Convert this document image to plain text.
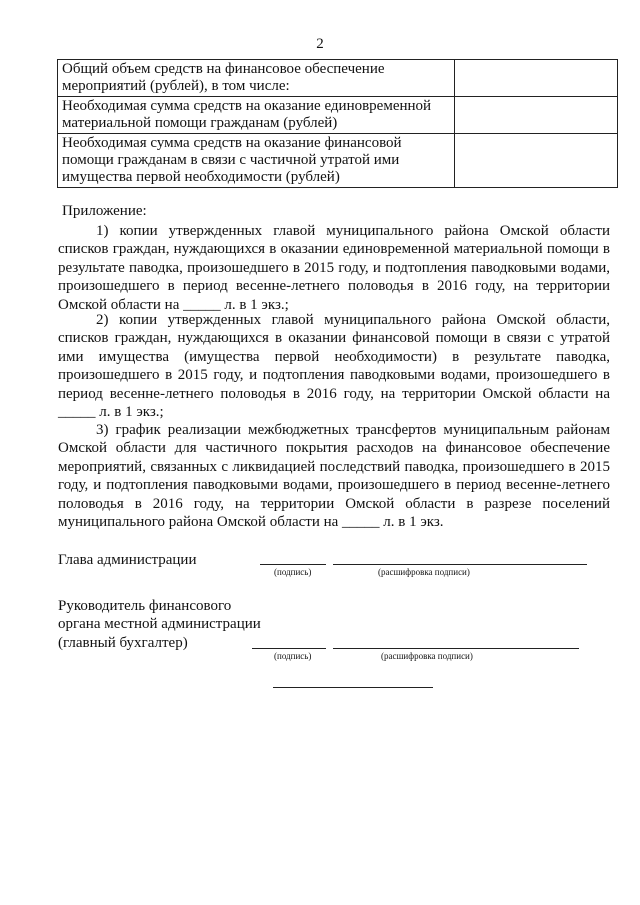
2
Общий объем средств на финансовое обеспечение мероприятий (рублей), в том числе:	
Необходимая сумма средств на оказание единовременной материальной помощи гражданам (рублей)	
Необходимая сумма средств на оказание финансовой помощи гражданам в связи с частичной утратой ими имущества первой необходимости (рублей)	
Приложение:

1) копии утвержденных главой муниципального района Омской области списков граждан, нуждающихся в оказании единовременной материальной помощи в результате паводка, произошедшего в 2015 году, и подтопления паводковыми водами, произошедшего в период весенне-летнего половодья в 2016 году, на территории Омской области на _____ л. в 1 экз.;

2) копии утвержденных главой муниципального района Омской области, списков граждан, нуждающихся в оказании финансовой помощи в связи с утратой ими имущества (имущества первой необходимости) в результате паводка, произошедшего в 2015 году, и подтопления паводковыми водами, произошедшего в период весенне-летнего половодья в 2016 году, на территории Омской области на _____ л. в 1 экз.;

3) график реализации межбюджетных трансфертов муниципальным районам Омской области для частичного покрытия расходов на финансовое обеспечение мероприятий, связанных с ликвидацией последствий паводка, произошедшего в 2015 году, и подтопления паводковыми водами, произошедшего в период весенне-летнего половодья в 2016 году, на территории Омской области в разрезе поселений муниципального района Омской области на _____ л. в 1 экз.

Глава администрации
(подпись)	(расшифровка подписи)
Руководитель финансового
органа местной администрации
(главный бухгалтер)
(подпись)	(расшифровка подписи)
